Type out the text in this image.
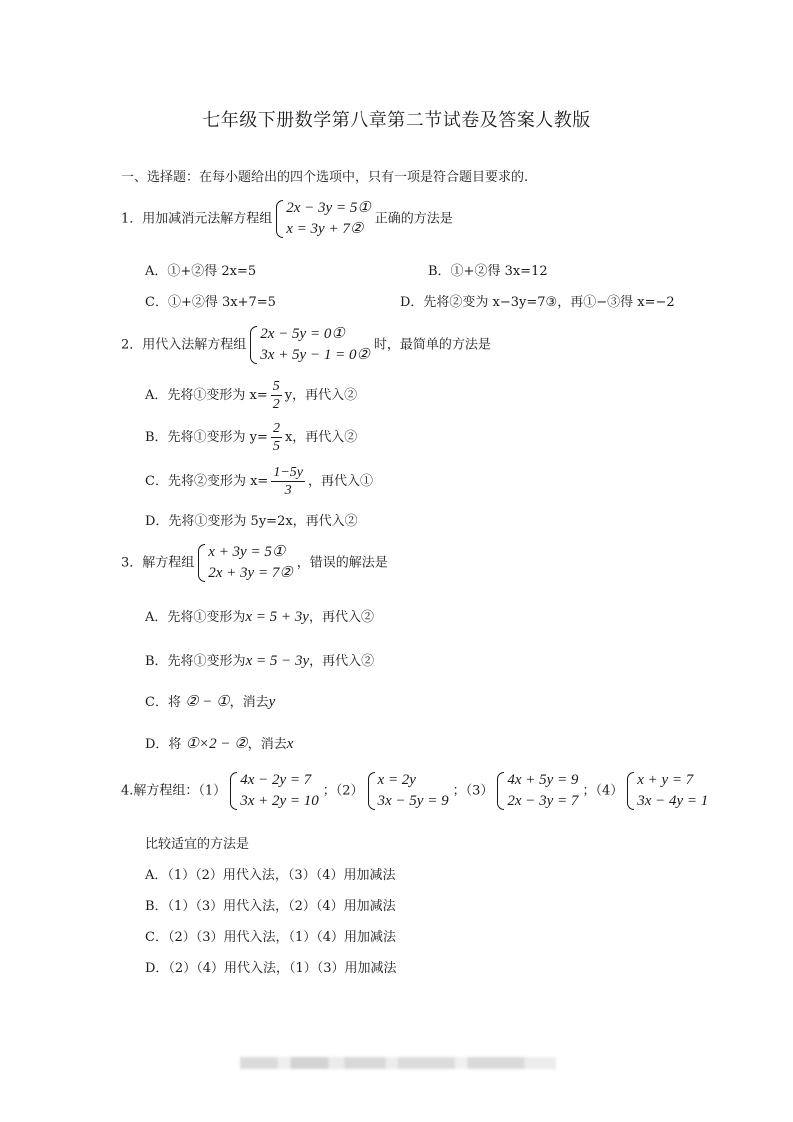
七年级下册数学第八章第二节试卷及答案人教版
一、选择题：在每小题给出的四个选项中，只有一项是符合题目要求的.
1．用加减消元法解方程组
2x − 3y = 5①
x = 3y + 7②
正确的方法是
A．①+②得 2x=5	B．①+②得 3x=12
C．①+②得 3x+7=5	D．先将②变为 x−3y=7③，再①−③得 x=−2
2．用代入法解方程组
2x − 5y = 0①
3x + 5y − 1 = 0②
时，最简单的方法是
A．先将①变形为 $x= \frac{5}{2}$ y，再代入②
B．先将①变形为 $y= \frac{2}{5}$ x，再代入②
C．先将②变形为 $x= \frac{1-5y}{3}$ ，再代入①
D．先将①变形为 5y=2x，再代入②
3．解方程组
x + 3y = 5①
2x + 3y = 7②
，错误的解法是
A．先将①变形为x = 5 + 3y，再代入②
B．先将①变形为x = 5 − 3y，再代入②
C．将 ② − ①，消去y
D．将 ①×2 − ②，消去x
4.解方程组：（1）
4x − 2y = 7
3x + 2y = 10
；（2）
x = 2y
3x − 5y = 9
；（3）
4x + 5y = 9
2x − 3y = 7
；（4）
x + y = 7
3x − 4y = 1
比较适宜的方法是
A．（1）（2）用代入法，（3）（4）用加减法
B．（1）（3）用代入法，（2）（4）用加减法
C．（2）（3）用代入法，（1）（4）用加减法
D．（2）（4）用代入法，（1）（3）用加减法
